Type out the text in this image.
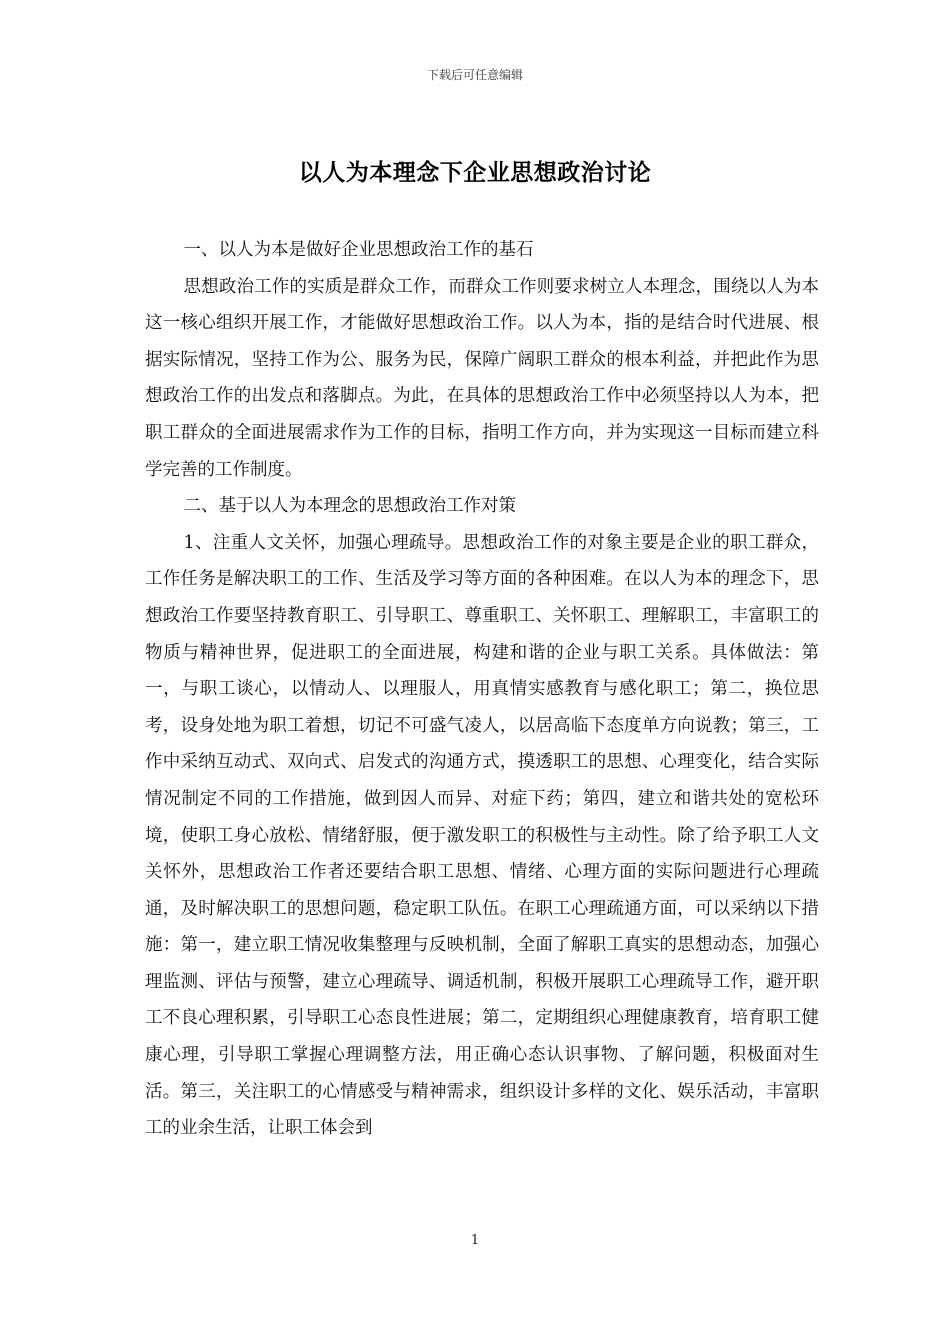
下载后可任意编辑
以人为本理念下企业思想政治讨论

一、以人为本是做好企业思想政治工作的基石

思想政治工作的实质是群众工作，而群众工作则要求树立人本理念，围绕以人为本这一核心组织开展工作，才能做好思想政治工作。以人为本，指的是结合时代进展、根据实际情况，坚持工作为公、服务为民，保障广阔职工群众的根本利益，并把此作为思想政治工作的出发点和落脚点。为此，在具体的思想政治工作中必须坚持以人为本，把职工群众的全面进展需求作为工作的目标，指明工作方向，并为实现这一目标而建立科学完善的工作制度。

二、基于以人为本理念的思想政治工作对策

1、注重人文关怀，加强心理疏导。思想政治工作的对象主要是企业的职工群众，工作任务是解决职工的工作、生活及学习等方面的各种困难。在以人为本的理念下，思想政治工作要坚持教育职工、引导职工、尊重职工、关怀职工、理解职工，丰富职工的物质与精神世界，促进职工的全面进展，构建和谐的企业与职工关系。具体做法：第一，与职工谈心，以情动人、以理服人，用真情实感教育与感化职工；第二，换位思考，设身处地为职工着想，切记不可盛气凌人，以居高临下态度单方向说教；第三，工作中采纳互动式、双向式、启发式的沟通方式，摸透职工的思想、心理变化，结合实际情况制定不同的工作措施，做到因人而异、对症下药；第四，建立和谐共处的宽松环境，使职工身心放松、情绪舒服，便于激发职工的积极性与主动性。除了给予职工人文关怀外，思想政治工作者还要结合职工思想、情绪、心理方面的实际问题进行心理疏通，及时解决职工的思想问题，稳定职工队伍。在职工心理疏通方面，可以采纳以下措施：第一，建立职工情况收集整理与反映机制，全面了解职工真实的思想动态，加强心理监测、评估与预警，建立心理疏导、调适机制，积极开展职工心理疏导工作，避开职工不良心理积累，引导职工心态良性进展；第二，定期组织心理健康教育，培育职工健康心理，引导职工掌握心理调整方法，用正确心态认识事物、了解问题，积极面对生活。第三，关注职工的心情感受与精神需求，组织设计多样的文化、娱乐活动，丰富职工的业余生活，让职工体会到

1
